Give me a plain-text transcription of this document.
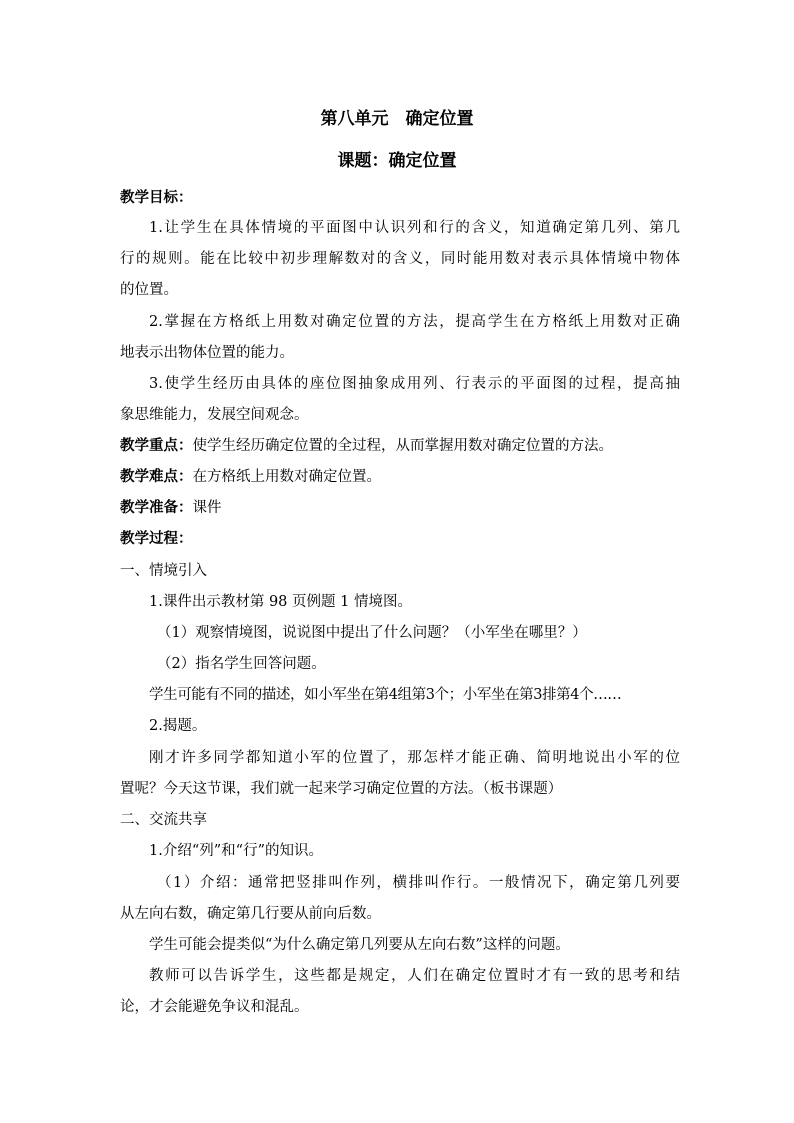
第八单元　确定位置
课题：确定位置
教学目标：
1.让学生在具体情境的平面图中认识列和行的含义，知道确定第几列、第几
行的规则。能在比较中初步理解数对的含义，同时能用数对表示具体情境中物体
的位置。
2.掌握在方格纸上用数对确定位置的方法，提高学生在方格纸上用数对正确
地表示出物体位置的能力。
3.使学生经历由具体的座位图抽象成用列、行表示的平面图的过程，提高抽
象思维能力，发展空间观念。
教学重点：使学生经历确定位置的全过程，从而掌握用数对确定位置的方法。
教学难点：在方格纸上用数对确定位置。
教学准备：课件
教学过程：
一、情境引入
1.课件出示教材第 98 页例题 1 情境图。
（1）观察情境图，说说图中提出了什么问题？（小军坐在哪里？）
（2）指名学生回答问题。
学生可能有不同的描述，如小军坐在第4组第3个；小军坐在第3排第4个……
2.揭题。
刚才许多同学都知道小军的位置了，那怎样才能正确、简明地说出小军的位
置呢？今天这节课，我们就一起来学习确定位置的方法。（板书课题）
二、交流共享
1.介绍“列”和“行”的知识。
（1）介绍：通常把竖排叫作列，横排叫作行。一般情况下，确定第几列要
从左向右数，确定第几行要从前向后数。
学生可能会提类似“为什么确定第几列要从左向右数”这样的问题。
教师可以告诉学生，这些都是规定，人们在确定位置时才有一致的思考和结
论，才会能避免争议和混乱。
